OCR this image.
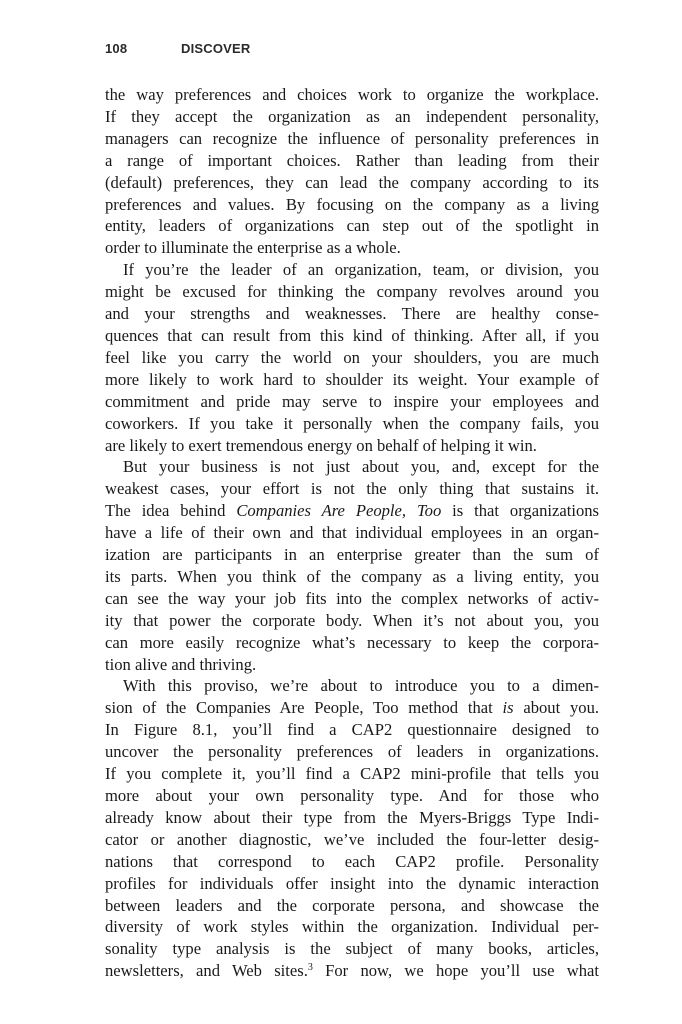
108	DISCOVER
the way preferences and choices work to organize the workplace.
If they accept the organization as an independent personality,
managers can recognize the influence of personality preferences in
a range of important choices. Rather than leading from their
(default) preferences, they can lead the company according to its
preferences and values. By focusing on the company as a living
entity, leaders of organizations can step out of the spotlight in
order to illuminate the enterprise as a whole.
If you’re the leader of an organization, team, or division, you
might be excused for thinking the company revolves around you
and your strengths and weaknesses. There are healthy conse-
quences that can result from this kind of thinking. After all, if you
feel like you carry the world on your shoulders, you are much
more likely to work hard to shoulder its weight. Your example of
commitment and pride may serve to inspire your employees and
coworkers. If you take it personally when the company fails, you
are likely to exert tremendous energy on behalf of helping it win.
But your business is not just about you, and, except for the
weakest cases, your effort is not the only thing that sustains it.
The idea behind Companies Are People, Too is that organizations
have a life of their own and that individual employees in an organ-
ization are participants in an enterprise greater than the sum of
its parts. When you think of the company as a living entity, you
can see the way your job fits into the complex networks of activ-
ity that power the corporate body. When it’s not about you, you
can more easily recognize what’s necessary to keep the corpora-
tion alive and thriving.
With this proviso, we’re about to introduce you to a dimen-
sion of the Companies Are People, Too method that is about you.
In Figure 8.1, you’ll find a CAP2 questionnaire designed to
uncover the personality preferences of leaders in organizations.
If you complete it, you’ll find a CAP2 mini-profile that tells you
more about your own personality type. And for those who
already know about their type from the Myers-Briggs Type Indi-
cator or another diagnostic, we’ve included the four-letter desig-
nations that correspond to each CAP2 profile. Personality
profiles for individuals offer insight into the dynamic interaction
between leaders and the corporate persona, and showcase the
diversity of work styles within the organization. Individual per-
sonality type analysis is the subject of many books, articles,
newsletters, and Web sites.$^3$ For now, we hope you’ll use what
